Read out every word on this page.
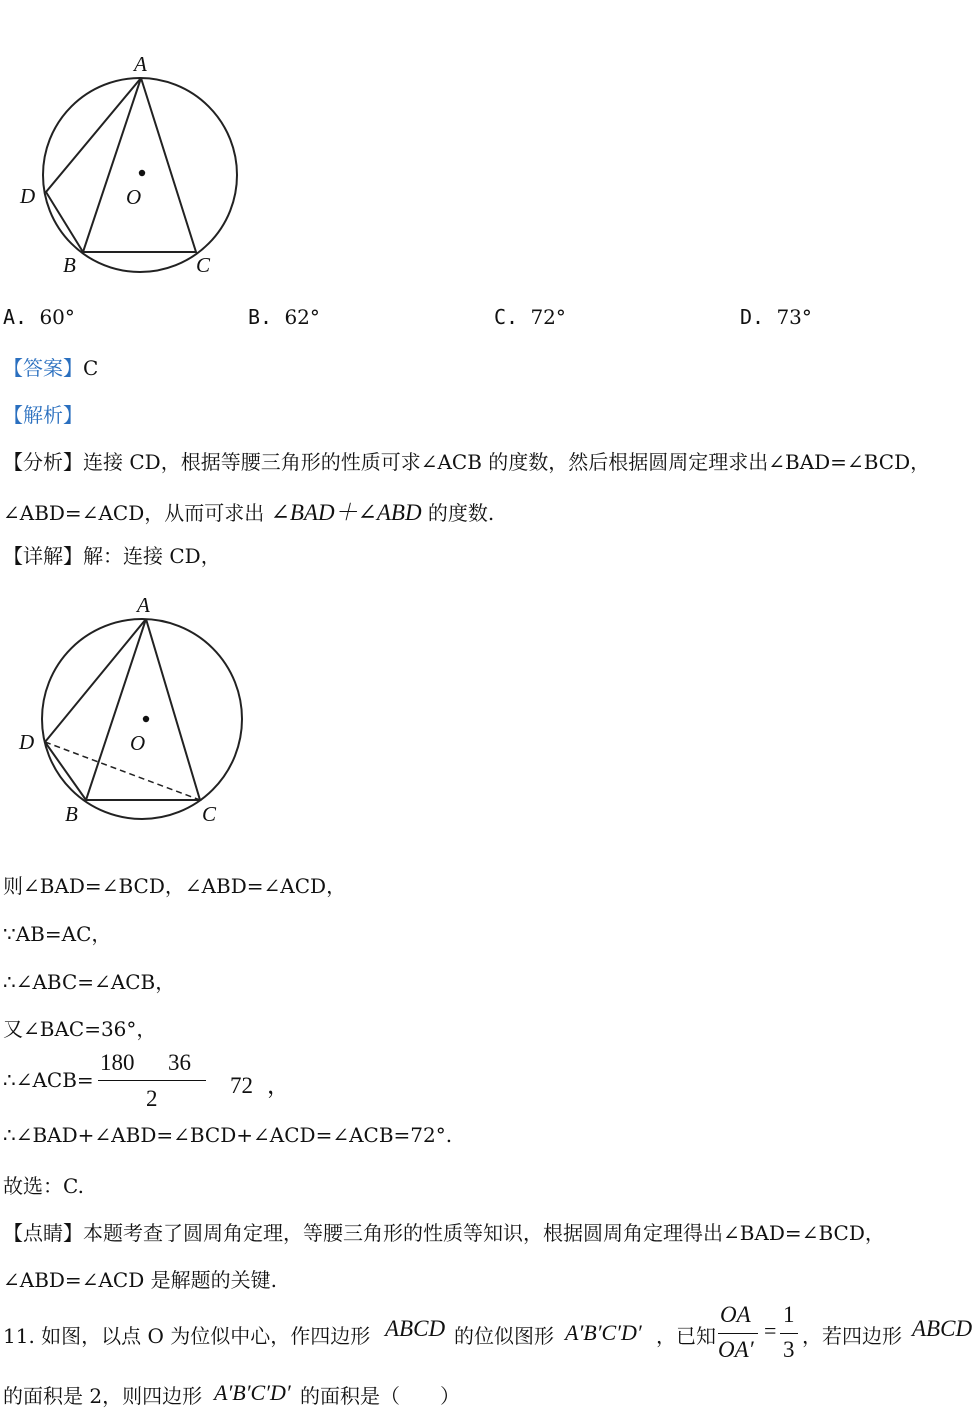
A
D	O
B	C
A. 60°	B. 62°	C. 72°	D. 73°
【答案】C
【解析】
【分析】连接 CD，根据等腰三角形的性质可求∠ACB 的度数，然后根据圆周定理求出∠BAD=∠BCD，
∠ABD=∠ACD，从而可求出 ∠BAD＋∠ABD 的度数.
【详解】解：连接 CD，
A
D	O
B	C
则∠BAD=∠BCD，∠ABD=∠ACD，
∵AB=AC，
∴∠ABC=∠ACB，
又∠BAC=36°，
∴∠ACB=
180 36
2
72 ，
∴∠BAD+∠ABD=∠BCD+∠ACD=∠ACB=72°.
故选：C.
【点睛】本题考查了圆周角定理，等腰三角形的性质等知识，根据圆周角定理得出∠BAD=∠BCD，
∠ABD=∠ACD 是解题的关键.
11. 如图，以点 O 为位似中心，作四边形 ABCD 的位似图形 A′B′C′D′ ，已知
OA
OA′
=
1
3
，若四边形 ABCD
的面积是 2，则四边形 A′B′C′D′ 的面积是（　　）
